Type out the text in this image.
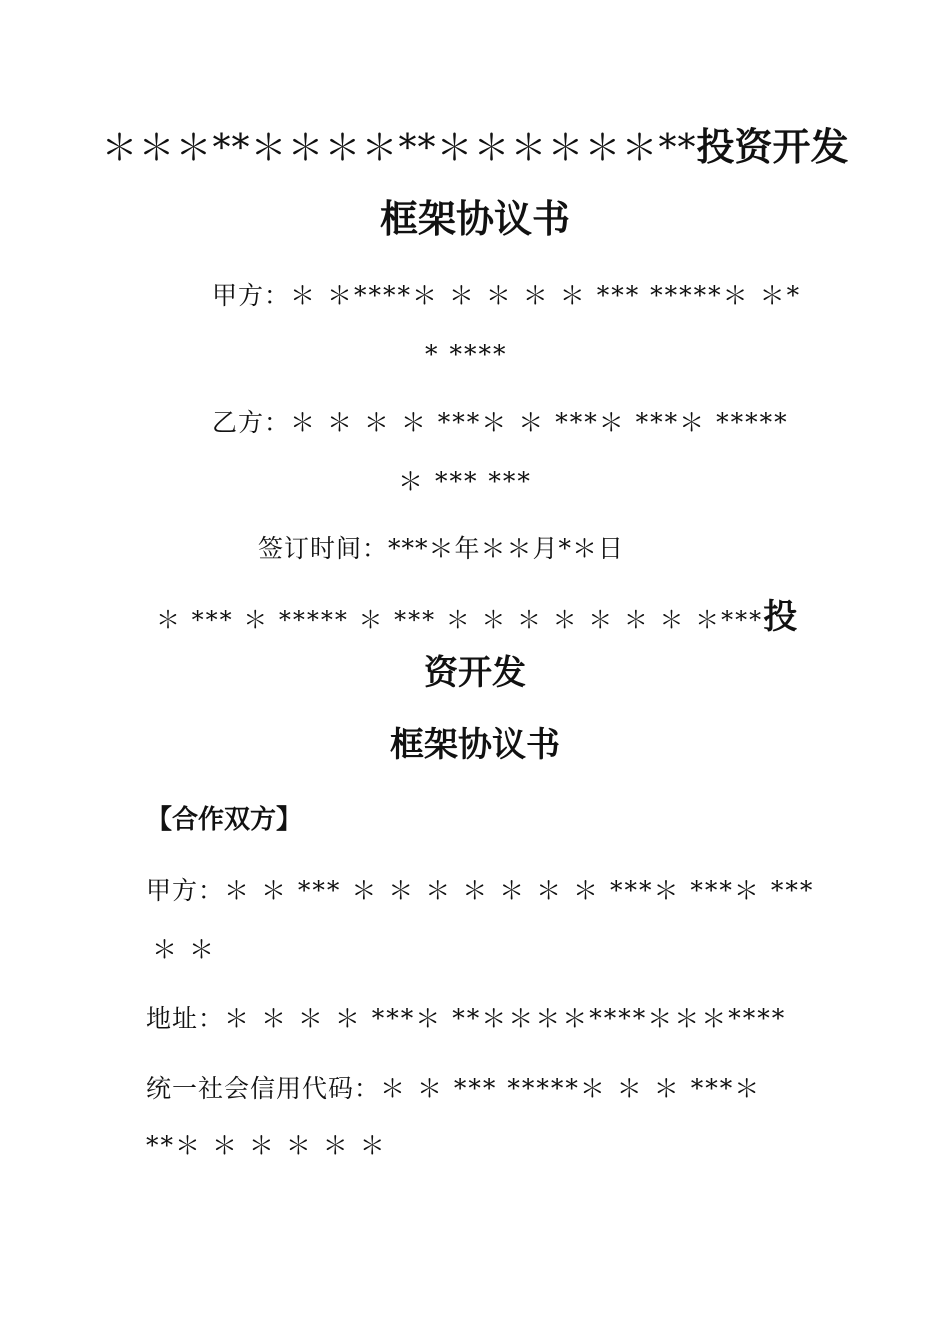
＊＊＊**＊＊＊＊**＊＊＊＊＊＊**投资开发
框架协议书
甲方：＊ ＊****＊ ＊ ＊ ＊ ＊ *** *****＊ ＊*
* ****
乙方：＊ ＊ ＊ ＊ ***＊ ＊ ***＊ ***＊ *****
＊ *** ***
签订时间：***＊年＊＊月*＊日
＊ *** ＊ ***** ＊ *** ＊ ＊ ＊ ＊ ＊ ＊ ＊ ＊***投
资开发
框架协议书
【合作双方】
甲方：＊ ＊ *** ＊ ＊ ＊ ＊ ＊ ＊ ＊ ***＊ ***＊ ***
＊ ＊
地址：＊ ＊ ＊ ＊ ***＊ **＊＊＊＊****＊＊＊****
统一社会信用代码：＊ ＊ *** *****＊ ＊ ＊ ***＊
**＊ ＊ ＊ ＊ ＊ ＊
